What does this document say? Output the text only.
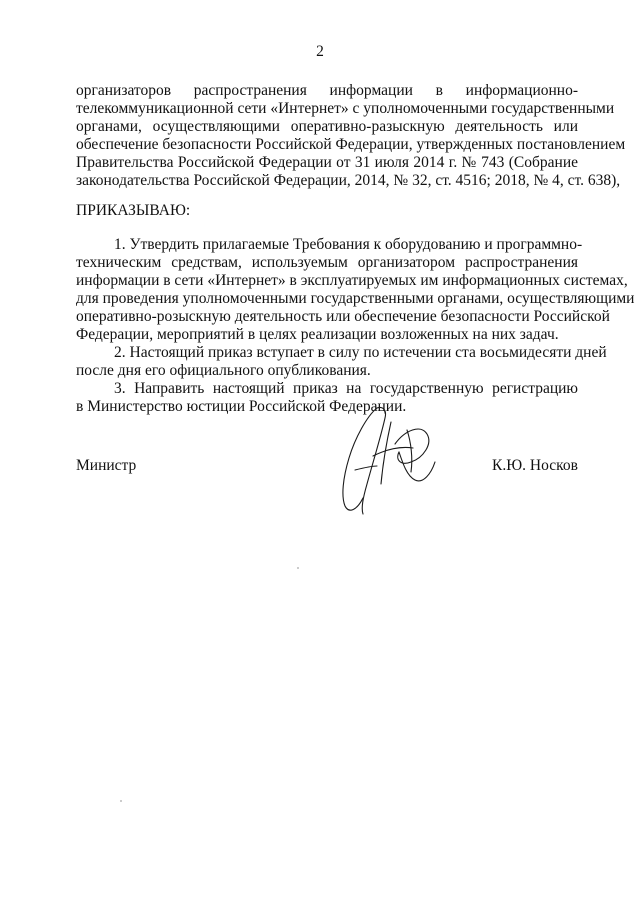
2
организаторов распространения информации в информационно-
телекоммуникационной сети «Интернет» с уполномоченными государственными
органами, осуществляющими оперативно-разыскную деятельность или
обеспечение безопасности Российской Федерации, утвержденных постановлением
Правительства Российской Федерации от 31 июля 2014 г. № 743 (Собрание
законодательства Российской Федерации, 2014, № 32, ст. 4516; 2018, № 4, ст. 638),
ПРИКАЗЫВАЮ:
1. Утвердить прилагаемые Требования к оборудованию и программно-
техническим средствам, используемым организатором распространения
информации в сети «Интернет» в эксплуатируемых им информационных системах,
для проведения уполномоченными государственными органами, осуществляющими
оперативно-розыскную деятельность или обеспечение безопасности Российской
Федерации, мероприятий в целях реализации возложенных на них задач.
2. Настоящий приказ вступает в силу по истечении ста восьмидесяти дней
после дня его официального опубликования.
3. Направить настоящий приказ на государственную регистрацию
в Министерство юстиции Российской Федерации.
Министр	К.Ю. Носков
